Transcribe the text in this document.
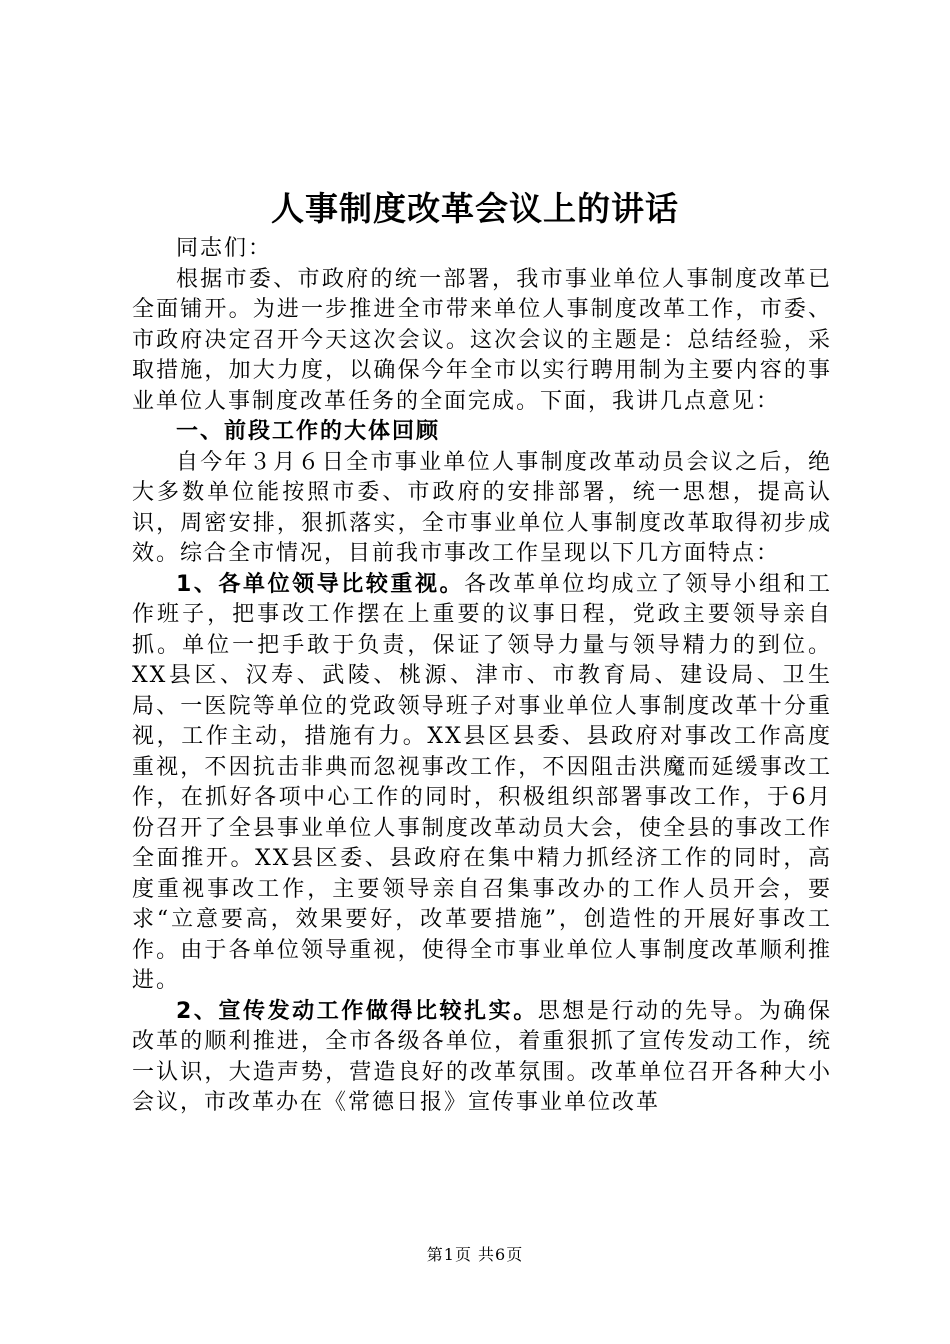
人事制度改革会议上的讲话

同志们：

根据市委、市政府的统一部署，我市事业单位人事制度改革已全面铺开。为进一步推进全市带来单位人事制度改革工作，市委、市政府决定召开今天这次会议。这次会议的主题是：总结经验，采取措施，加大力度，以确保今年全市以实行聘用制为主要内容的事业单位人事制度改革任务的全面完成。下面，我讲几点意见：

一、前段工作的大体回顾

自今年３月６日全市事业单位人事制度改革动员会议之后，绝大多数单位能按照市委、市政府的安排部署，统一思想，提高认识，周密安排，狠抓落实，全市事业单位人事制度改革取得初步成效。综合全市情况，目前我市事改工作呈现以下几方面特点：

1、各单位领导比较重视。各改革单位均成立了领导小组和工作班子，把事改工作摆在上重要的议事日程，党政主要领导亲自抓。单位一把手敢于负责，保证了领导力量与领导精力的到位。XX县区、汉寿、武陵、桃源、津市、市教育局、建设局、卫生局、一医院等单位的党政领导班子对事业单位人事制度改革十分重视，工作主动，措施有力。XX县区县委、县政府对事改工作高度重视，不因抗击非典而忽视事改工作，不因阻击洪魔而延缓事改工作，在抓好各项中心工作的同时，积极组织部署事改工作，于6月份召开了全县事业单位人事制度改革动员大会，使全县的事改工作全面推开。XX县区委、县政府在集中精力抓经济工作的同时，高度重视事改工作，主要领导亲自召集事改办的工作人员开会，要求“立意要高，效果要好，改革要措施”，创造性的开展好事改工作。由于各单位领导重视，使得全市事业单位人事制度改革顺利推进。

2、宣传发动工作做得比较扎实。思想是行动的先导。为确保改革的顺利推进，全市各级各单位，着重狠抓了宣传发动工作，统一认识，大造声势，营造良好的改革氛围。改革单位召开各种大小会议，市改革办在《常德日报》宣传事业单位改革

第1页 共6页
